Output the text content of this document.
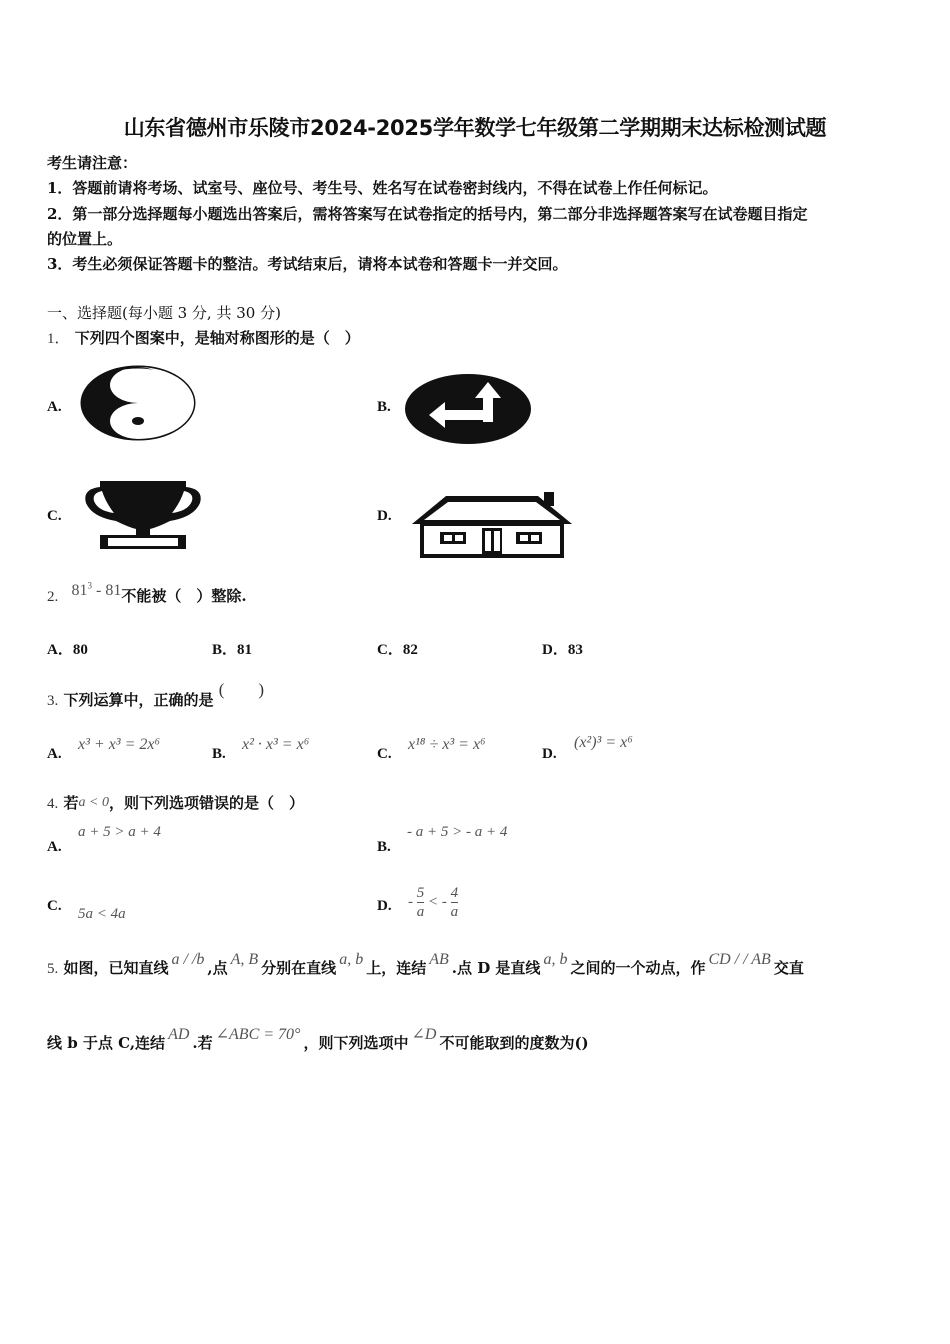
山东省德州市乐陵市2024-2025学年数学七年级第二学期期末达标检测试题
考生请注意：
1．答题前请将考场、试室号、座位号、考生号、姓名写在试卷密封线内，不得在试卷上作任何标记。
2．第一部分选择题每小题选出答案后，需将答案写在试卷指定的括号内，第二部分非选择题答案写在试卷题目指定
的位置上。
3．考生必须保证答题卡的整洁。考试结束后，请将本试卷和答题卡一并交回。
一、选择题(每小题 3 分, 共 30 分)
1． 下列四个图案中，是轴对称图形的是（　）
A.	B.
C.	D.
2. $81^3 - 81$不能被（　）整除.
A．80	B．81	C．82	D．83
3. 下列运算中，正确的是 (　　)
A.
x³ + x³ = 2x⁶
B.
x² · x³ = x⁶
C.
x¹⁸ ÷ x³ = x⁶
D.
(x²)³ = x⁶
4. 若a < 0，则下列选项错误的是（　）
A.
a + 5 > a + 4
B.
- a + 5 > - a + 4
C. 5a < 4a	D. - $\frac{5}{a}$ < - $\frac{4}{a}$
5. 如图，已知直线 a / /b ,点 A, B 分别在直线 a, b 上，连结 AB .点 D 是直线 a, b 之间的一个动点，作 CD / / AB 交直
线 b 于点 C,连结 AD .若 ∠ABC = 70° ，则下列选项中 ∠D 不可能取到的度数为()
